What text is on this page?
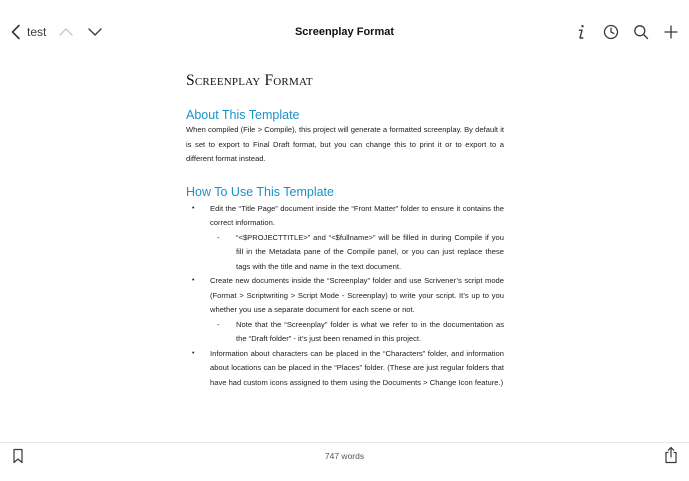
test	Screenplay Format
Screenplay Format
About This Template

When compiled (File > Compile), this project will generate a formatted screenplay. By default it is set to export to Final Draft format, but you can change this to print it or to export to a different format instead.

How To Use This Template
• Edit the “Title Page” document inside the “Front Matter” folder to ensure it contains the correct information.
- “<$PROJECTTITLE>” and “<$fullname>” will be filled in during Compile if you fill in the Metadata pane of the Compile panel, or you can just replace these tags with the title and name in the text document.
• Create new documents inside the “Screenplay” folder and use Scrivener’s script mode (Format > Scriptwriting > Script Mode - Screenplay) to write your script. It’s up to you whether you use a separate document for each scene or not.
- Note that the “Screenplay” folder is what we refer to in the documentation as the “Draft folder” - it’s just been renamed in this project.
• Information about characters can be placed in the “Characters” folder, and information about locations can be placed in the “Places” folder. (These are just regular folders that have had custom icons assigned to them using the Documents > Change Icon feature.)
747 words
